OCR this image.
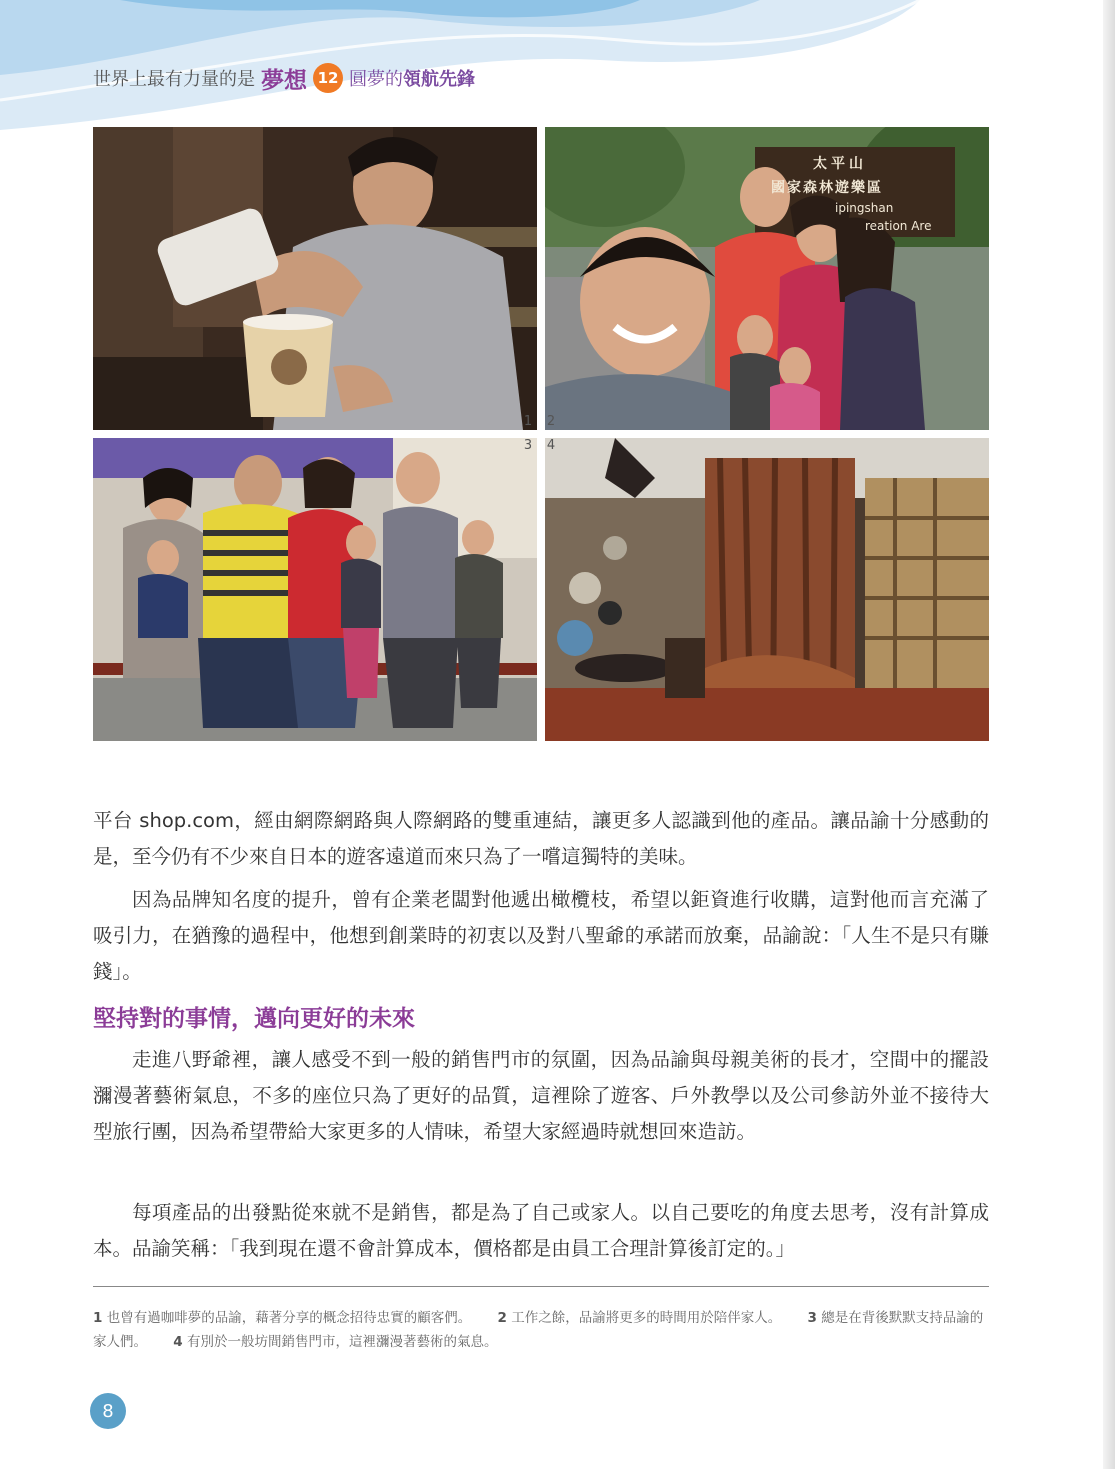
世界上最有力量的是 夢想 12 圓夢的 領航先鋒
太平山
國家森林遊樂區
ipingshan
reation Are
1 2
3 4

平台 shop.com，經由網際網路與人際網路的雙重連結，讓更多人認識到他的產品。讓品諭十分感動的是，至今仍有不少來自日本的遊客遠道而來只為了一嚐這獨特的美味。

因為品牌知名度的提升，曾有企業老闆對他遞出橄欖枝，希望以鉅資進行收購，這對他而言充滿了吸引力，在猶豫的過程中，他想到創業時的初衷以及對八聖爺的承諾而放棄，品諭說：「人生不是只有賺錢」。

堅持對的事情，邁向更好的未來

走進八野爺裡，讓人感受不到一般的銷售門市的氛圍，因為品諭與母親美術的長才，空間中的擺設瀰漫著藝術氣息，不多的座位只為了更好的品質，這裡除了遊客、戶外教學以及公司參訪外並不接待大型旅行團，因為希望帶給大家更多的人情味，希望大家經過時就想回來造訪。

每項產品的出發點從來就不是銷售，都是為了自己或家人。以自己要吃的角度去思考，沒有計算成本。品諭笑稱：「我到現在還不會計算成本，價格都是由員工合理計算後訂定的。」

1 也曾有過咖啡夢的品諭，藉著分享的概念招待忠實的顧客們。 2 工作之餘，品諭將更多的時間用於陪伴家人。 3 總是在背後默默支持品諭的家人們。 4 有別於一般坊間銷售門市，這裡瀰漫著藝術的氣息。
8
